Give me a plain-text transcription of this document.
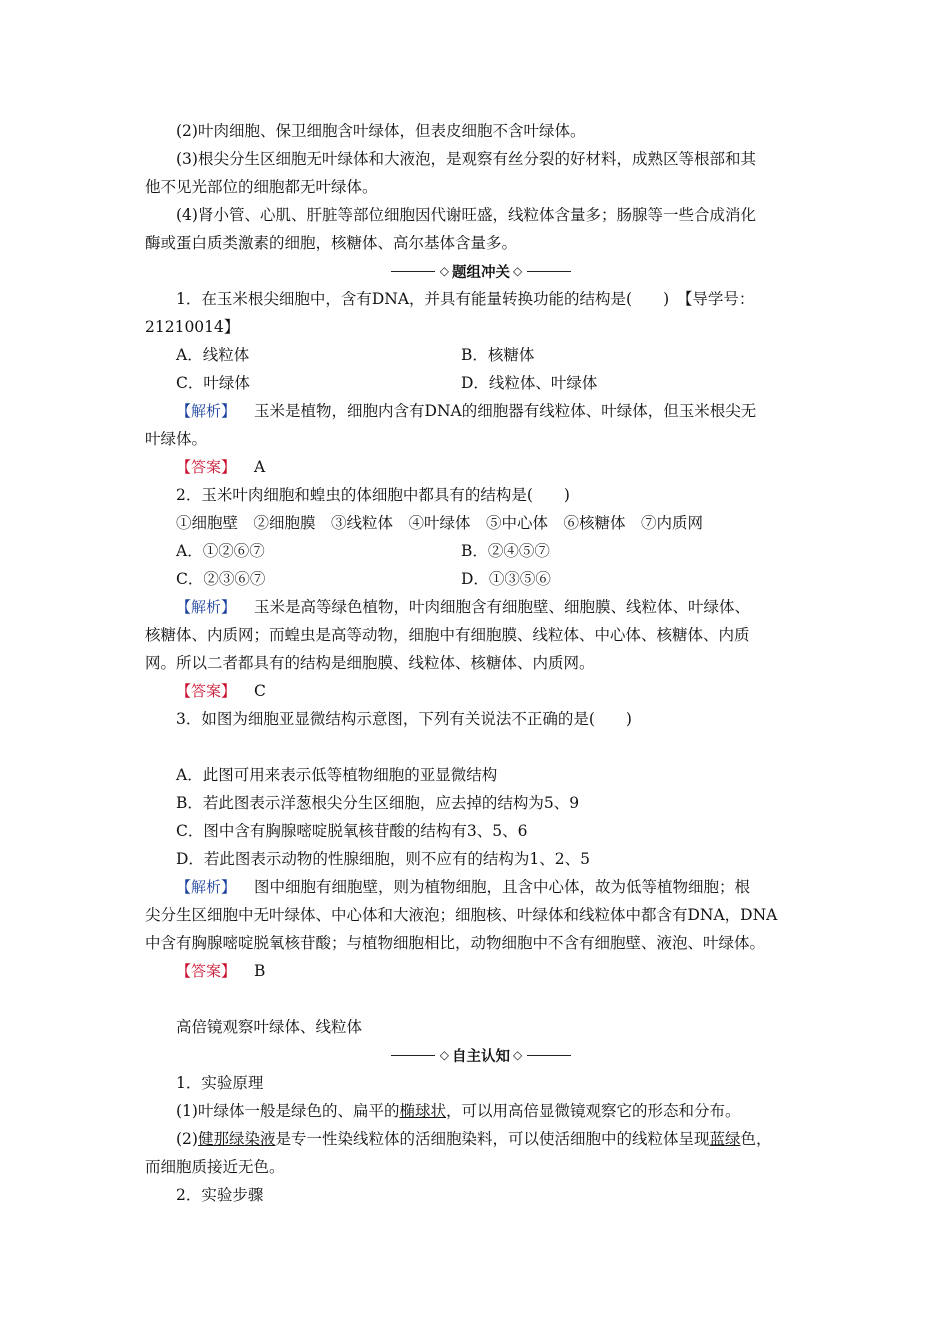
(2)叶肉细胞、保卫细胞含叶绿体，但表皮细胞不含叶绿体。
(3)根尖分生区细胞无叶绿体和大液泡，是观察有丝分裂的好材料，成熟区等根部和其
他不见光部位的细胞都无叶绿体。
(4)肾小管、心肌、肝脏等部位细胞因代谢旺盛，线粒体含量多；肠腺等一些合成消化
酶或蛋白质类激素的细胞，核糖体、高尔基体含量多。
◇ 题组冲关 ◇
1．在玉米根尖细胞中，含有DNA，并具有能量转换功能的结构是(　　)　【导学号：
21210014】
A．线粒体	B．核糖体
C．叶绿体	D．线粒体、叶绿体
【解析】 玉米是植物，细胞内含有DNA的细胞器有线粒体、叶绿体，但玉米根尖无
叶绿体。
【答案】 A
2．玉米叶肉细胞和蝗虫的体细胞中都具有的结构是(　　)
①细胞壁　②细胞膜　③线粒体　④叶绿体　⑤中心体　⑥核糖体　⑦内质网
A．①②⑥⑦	B．②④⑤⑦
C．②③⑥⑦	D．①③⑤⑥
【解析】 玉米是高等绿色植物，叶肉细胞含有细胞壁、细胞膜、线粒体、叶绿体、
核糖体、内质网；而蝗虫是高等动物，细胞中有细胞膜、线粒体、中心体、核糖体、内质
网。所以二者都具有的结构是细胞膜、线粒体、核糖体、内质网。
【答案】 C
3．如图为细胞亚显微结构示意图，下列有关说法不正确的是(　　)
A．此图可用来表示低等植物细胞的亚显微结构
B．若此图表示洋葱根尖分生区细胞，应去掉的结构为5、9
C．图中含有胸腺嘧啶脱氧核苷酸的结构有3、5、6
D．若此图表示动物的性腺细胞，则不应有的结构为1、2、5
【解析】 图中细胞有细胞壁，则为植物细胞，且含中心体，故为低等植物细胞；根
尖分生区细胞中无叶绿体、中心体和大液泡；细胞核、叶绿体和线粒体中都含有DNA，DNA
中含有胸腺嘧啶脱氧核苷酸；与植物细胞相比，动物细胞中不含有细胞壁、液泡、叶绿体。
【答案】 B
高倍镜观察叶绿体、线粒体
◇ 自主认知 ◇
1．实验原理
(1)叶绿体一般是绿色的、扁平的椭球状，可以用高倍显微镜观察它的形态和分布。
(2)健那绿染液是专一性染线粒体的活细胞染料，可以使活细胞中的线粒体呈现蓝绿色，
而细胞质接近无色。
2．实验步骤
